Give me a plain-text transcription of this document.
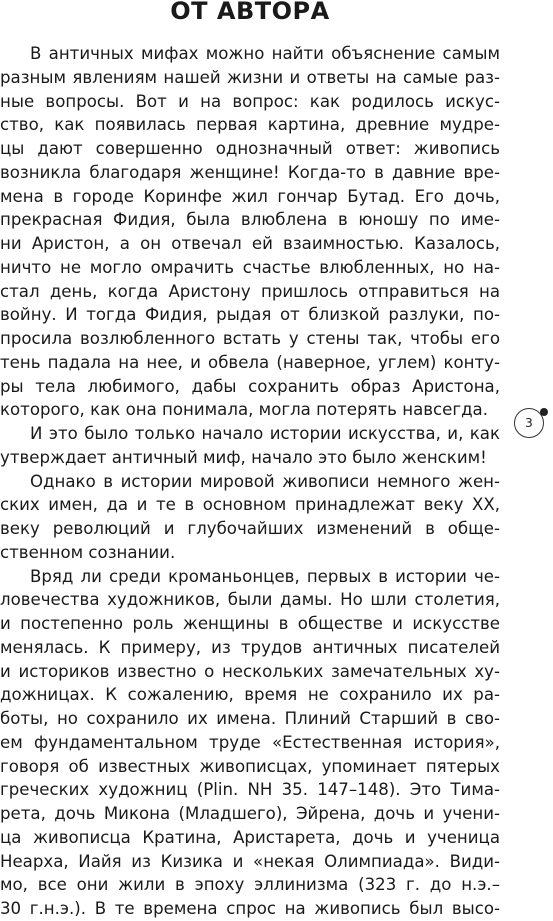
ОТ АВТОРА
В античных мифах можно найти объяснение самым
разным явлениям нашей жизни и ответы на самые раз-
ные вопросы. Вот и на вопрос: как родилось искус-
ство, как появилась первая картина, древние мудре-
цы дают совершенно однозначный ответ: живопись
возникла благодаря женщине! Когда-то в давние вре-
мена в городе Коринфе жил гончар Бутад. Его дочь,
прекрасная Фидия, была влюблена в юношу по име-
ни Аристон, а он отвечал ей взаимностью. Казалось,
ничто не могло омрачить счастье влюбленных, но на-
стал день, когда Аристону пришлось отправиться на
войну. И тогда Фидия, рыдая от близкой разлуки, по-
просила возлюбленного встать у стены так, чтобы его
тень падала на нее, и обвела (наверное, углем) конту-
ры тела любимого, дабы сохранить образ Аристона,
которого, как она понимала, могла потерять навсегда.
И это было только начало истории искусства, и, как
утверждает античный миф, начало это было женским!
Однако в истории мировой живописи немного жен-
ских имен, да и те в основном принадлежат веку XX,
веку революций и глубочайших изменений в обще-
ственном сознании.
Вряд ли среди кроманьонцев, первых в истории че-
ловечества художников, были дамы. Но шли столетия,
и постепенно роль женщины в обществе и искусстве
менялась. К примеру, из трудов античных писателей
и историков известно о нескольких замечательных ху-
дожницах. К сожалению, время не сохранило их ра-
боты, но сохранило их имена. Плиний Старший в сво-
ем фундаментальном труде «Естественная история»,
говоря об известных живописцах, упоминает пятерых
греческих художниц (Plin. NH 35. 147–148). Это Тима-
рета, дочь Микона (Младшего), Эйрена, дочь и учени-
ца живописца Кратина, Аристарета, дочь и ученица
Неарха, Иайя из Кизика и «некая Олимпиада». Види-
мо, все они жили в эпоху эллинизма (323 г. до н.э.–
30 г.н.э.). В те времена спрос на живопись был высо-
3
